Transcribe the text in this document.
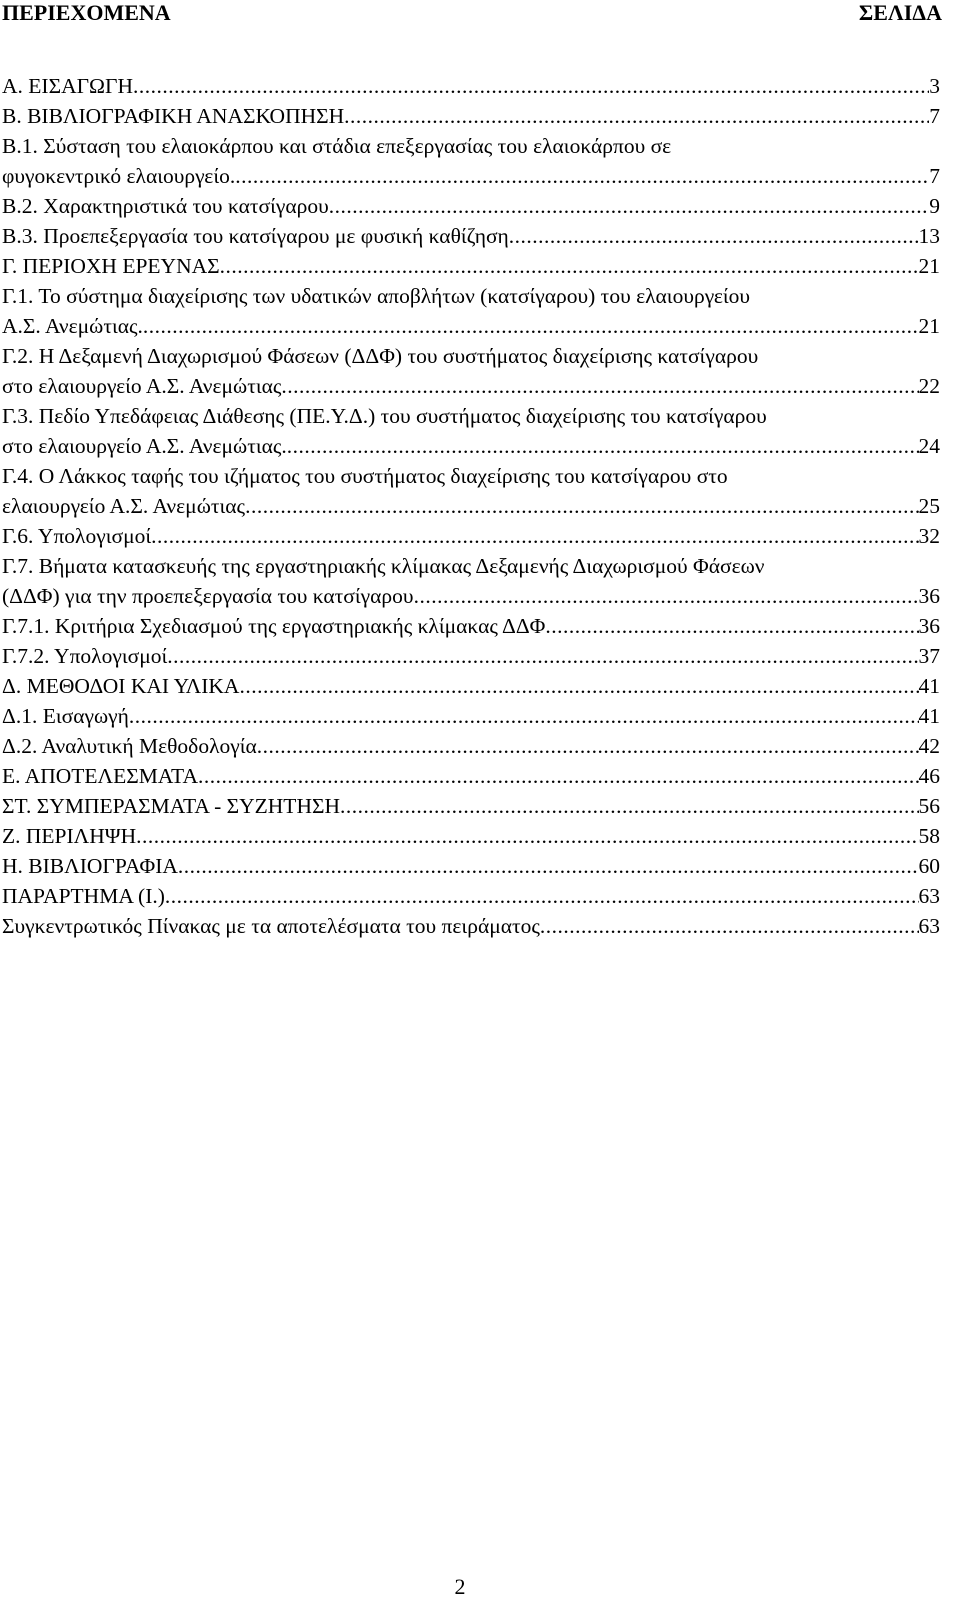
ΠΕΡΙΕΧΟΜΕΝΑ	ΣΕΛΙΔΑ
Α. ΕΙΣΑΓΩΓΗ .....	3
Β. ΒΙΒΛΙΟΓΡΑΦΙΚΗ ΑΝΑΣΚΟΠΗΣΗ .....	7
Β.1. Σύσταση του ελαιοκάρπου και στάδια επεξεργασίας του ελαιοκάρπου σε
φυγοκεντρικό ελαιουργείο. .....	7
Β.2. Χαρακτηριστικά του κατσίγαρου .....	9
Β.3. Προεπεξεργασία του κατσίγαρου με φυσική καθίζηση .....	13
Γ. ΠΕΡΙΟΧΗ ΕΡΕΥΝΑΣ .....	21
Γ.1. Το σύστημα διαχείρισης των υδατικών αποβλήτων (κατσίγαρου) του ελαιουργείου
Α.Σ. Ανεμώτιας. .....	21
Γ.2. Η Δεξαμενή Διαχωρισμού Φάσεων (ΔΔΦ) του συστήματος διαχείρισης κατσίγαρου
στο ελαιουργείο Α.Σ. Ανεμώτιας .....	22
Γ.3. Πεδίο Υπεδάφειας Διάθεσης (ΠΕ.Υ.Δ.) του συστήματος διαχείρισης του κατσίγαρου
στο ελαιουργείο Α.Σ. Ανεμώτιας. .....	24
Γ.4. Ο Λάκκος ταφής του ιζήματος του συστήματος διαχείρισης του κατσίγαρου στο
ελαιουργείο Α.Σ. Ανεμώτιας .....	25
Γ.6. Υπολογισμοί .....	32
Γ.7. Βήματα κατασκευής της εργαστηριακής κλίμακας Δεξαμενής Διαχωρισμού Φάσεων
(ΔΔΦ) για την προεπεξεργασία του κατσίγαρου .....	36
Γ.7.1. Κριτήρια Σχεδιασμού της εργαστηριακής κλίμακας ΔΔΦ .....	36
Γ.7.2. Υπολογισμοί .....	37
Δ. ΜΕΘΟΔΟΙ ΚΑΙ ΥΛΙΚΑ .....	41
Δ.1. Εισαγωγή .....	41
Δ.2. Αναλυτική Μεθοδολογία .....	42
Ε. ΑΠΟΤΕΛΕΣΜΑΤΑ .....	46
ΣΤ. ΣΥΜΠΕΡΑΣΜΑΤΑ - ΣΥΖΗΤΗΣΗ .....	56
Ζ. ΠΕΡΙΛΗΨΗ .....	58
Η. ΒΙΒΛΙΟΓΡΑΦΙΑ .....	60
ΠΑΡΑΡΤΗΜΑ (Ι.) .....	63
Συγκεντρωτικός Πίνακας με τα αποτελέσματα του πειράματος .....	63
2
